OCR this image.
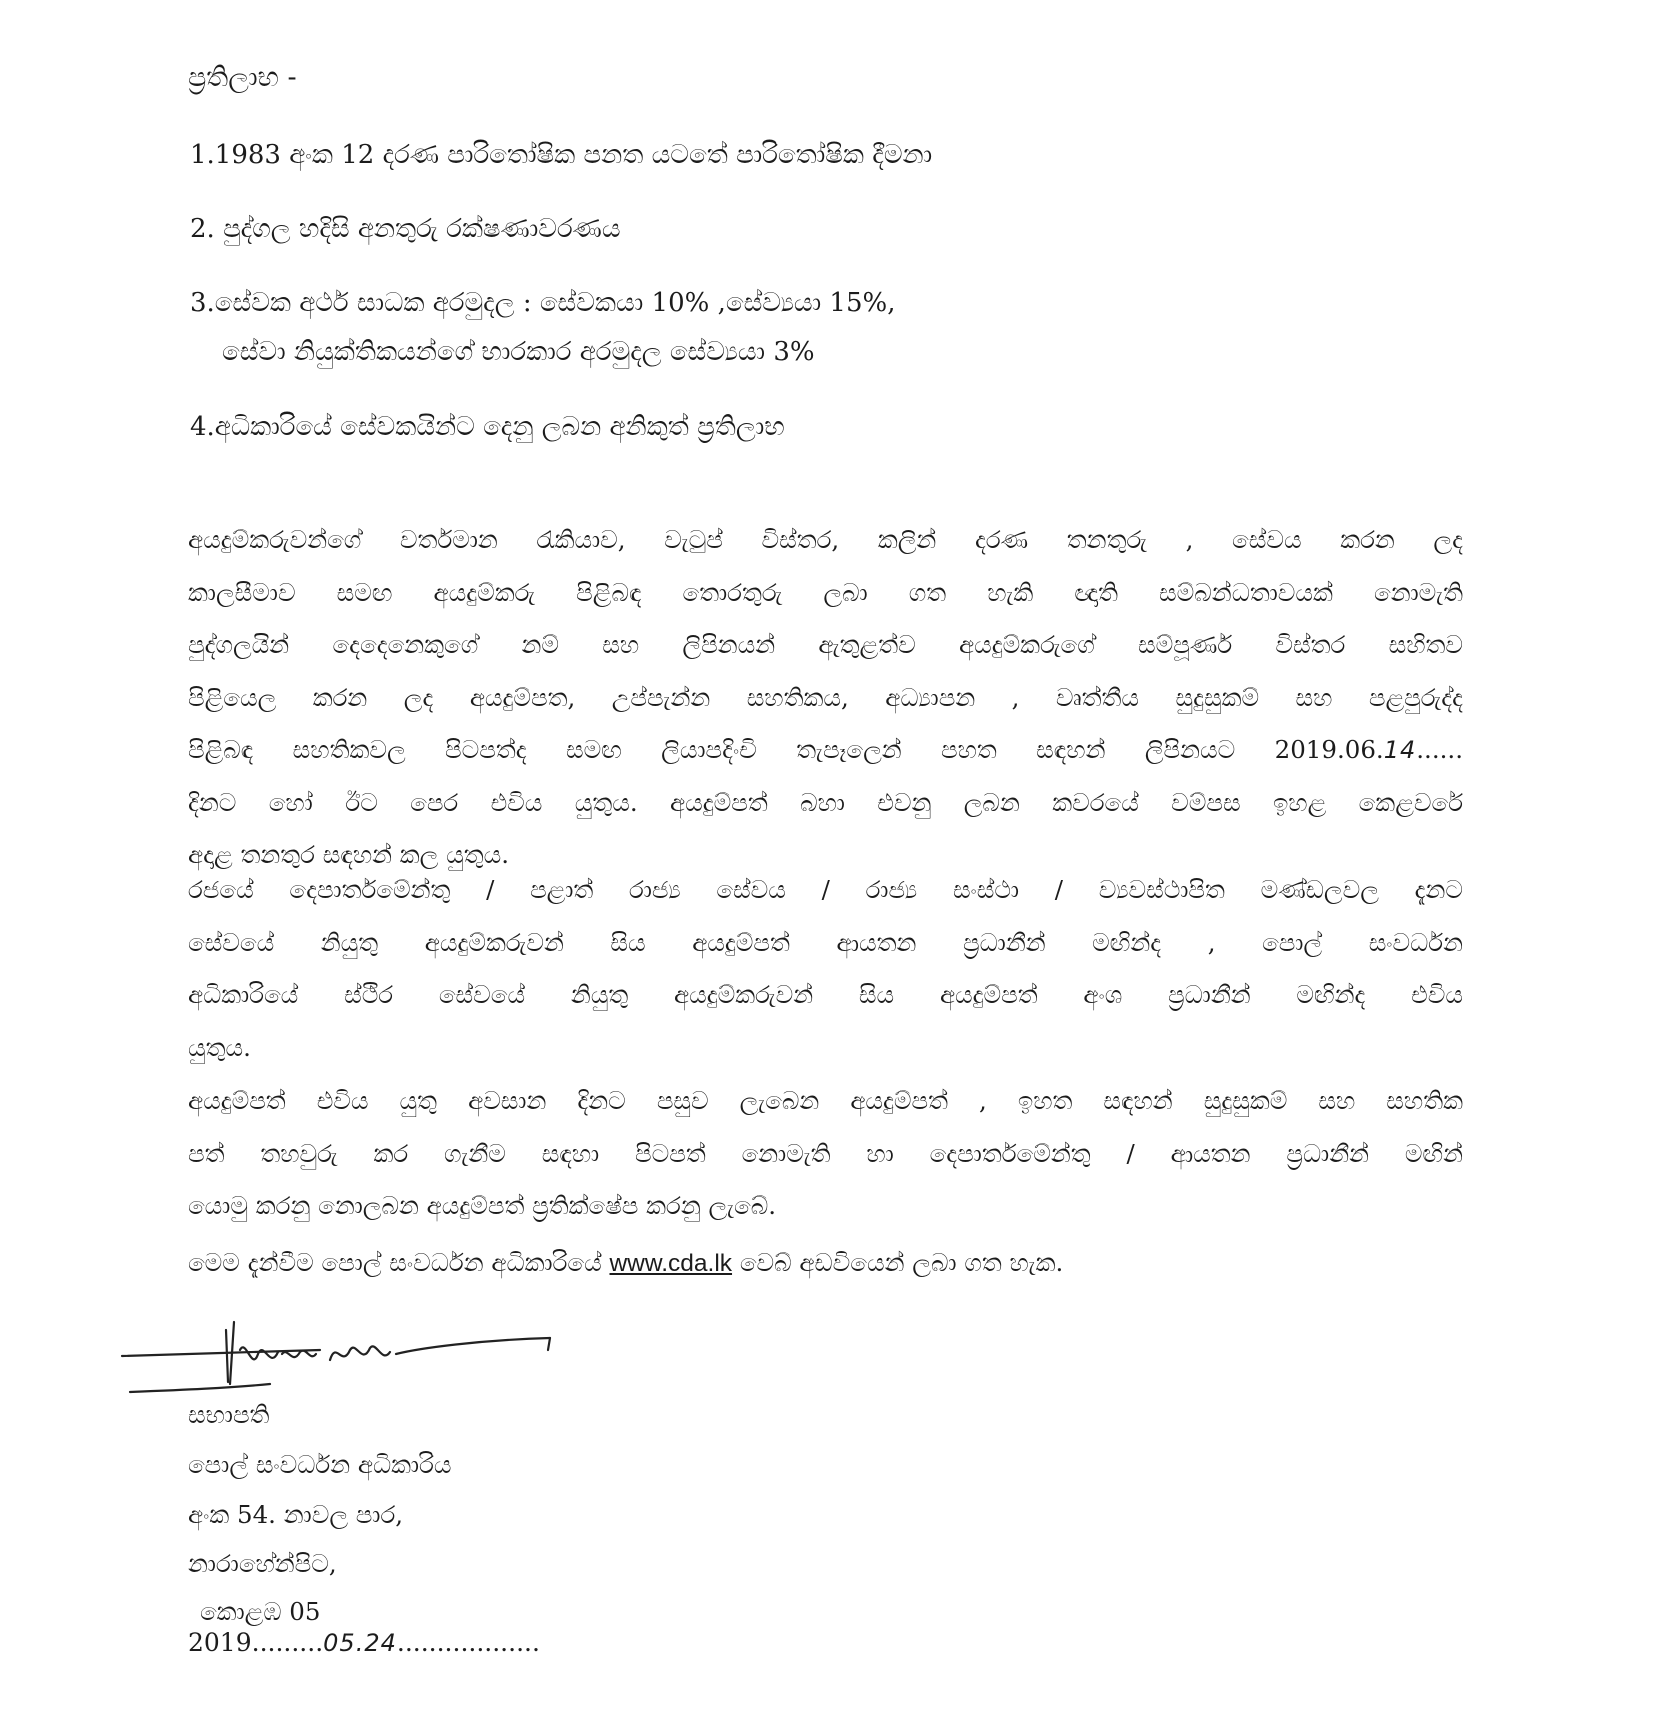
ප්‍රතිලාභ -
1.1983 අංක 12 දරණ පාරිතෝෂික පනත යටතේ පාරිතෝෂික දීමනා
2. පුද්ගල හදිසි අනතුරු රක්ෂණාවරණය
3.සේවක අර්ථ සාධක අරමුදල : සේවකයා 10% ,සේව්‍යයා 15%,
සේවා නියුක්තිකයන්ගේ භාරකාර අරමුදල සේව්‍යයා 3%
4.අධිකාරියේ සේවකයින්ට දෙනු ලබන අනිකුත් ප්‍රතිලාභ
අයදුම්කරුවන්ගේ වර්තමාන රැකියාව, වැටුප් විස්තර, කලින් දරණ තනතුරු , සේවය කරන ලද
කාලසීමාව සමඟ අයදුම්කරු පිළිබඳ තොරතුරු ලබා ගත හැකි ඥාති සම්බන්ධතාවයක් නොමැති
පුද්ගලයින් දෙදෙනෙකුගේ නම් සහ ලිපිනයන් ඇතුළත්ව අයදුම්කරුගේ සම්පූර්ණ විස්තර සහිතව
පිළියෙල කරන ලද අයදුම්පත, උප්පැන්න සහතිකය, අධ්‍යාපන , වෘත්තීය සුදුසුකම් සහ පළපුරුද්ද
පිළිබඳ සහතිකවල පිටපත්ද සමඟ ලියාපදිංචි තැපෑලෙන් පහත සඳහන් ලිපිනයට 2019.06.14......
දිනට හෝ ඊට පෙර එවිය යුතුය. අයදුම්පත් බහා එවනු ලබන කවරයේ වම්පස ඉහළ කෙළවරේ
අදාළ තනතුර සඳහන් කල යුතුය.
රජයේ දෙපාර්තමේන්තු / පළාත් රාජ්‍ය සේවය / රාජ්‍ය සංස්ථා / ව්‍යවස්ථාපිත මණ්ඩලවල දැනට
සේවයේ නියුතු අයදුම්කරුවන් සිය අයදුම්පත් ආයතන ප්‍රධානීන් මඟින්ද , පොල් සංවර්ධන
අධිකාරියේ ස්ථිර සේවයේ නියුතු අයදුම්කරුවන් සිය අයදුම්පත් අංශ ප්‍රධානීන් මඟින්ද එවිය
යුතුය.
අයදුම්පත් එවිය යුතු අවසාන දිනට පසුව ලැබෙන අයදුම්පත් , ඉහත සඳහන් සුදුසුකම් සහ සහතික
පත් තහවුරු කර ගැනීම සඳහා පිටපත් නොමැති හා දෙපාර්තමේන්තු / ආයතන ප්‍රධානීන් මඟින්
යොමු කරනු නොලබන අයදුම්පත් ප්‍රතික්ෂේප කරනු ලැබේ.
මෙම දැන්වීම පොල් සංවර්ධන අධිකාරියේ www.cda.lk වෙබ් අඩවියෙන් ලබා ගත හැක.
සභාපති
පොල් සංවර්ධන අධිකාරිය
අංක 54. නාවල පාර,
නාරාහේන්පිට,
කොළඹ 05
2019.........05.24..................
